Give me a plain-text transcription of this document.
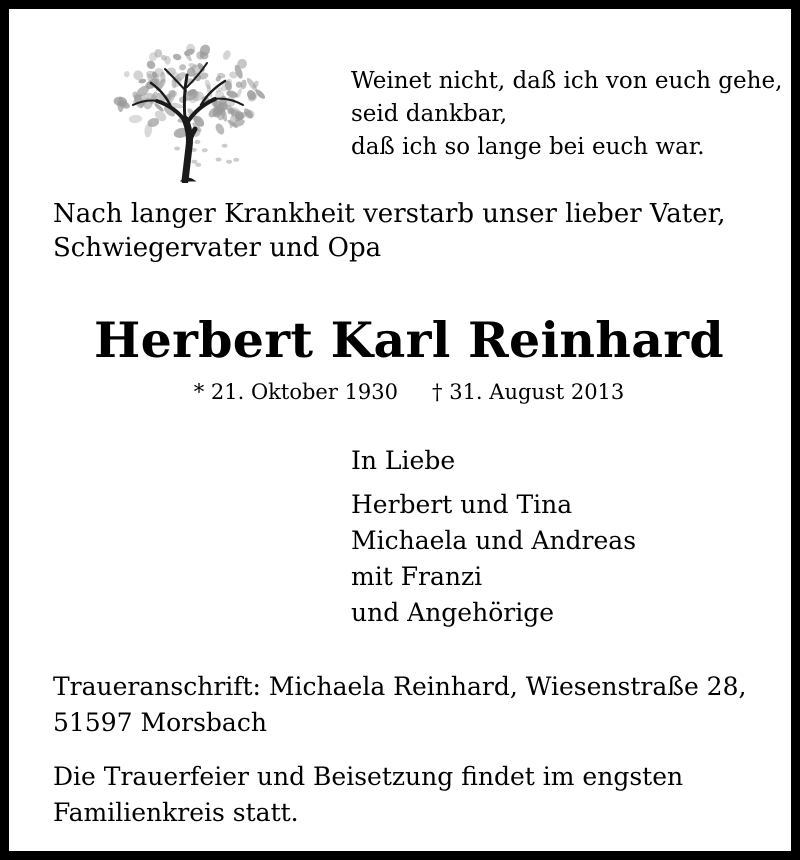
Weinet nicht, daß ich von euch gehe,
seid dankbar,
daß ich so lange bei euch war.
Nach langer Krankheit verstarb unser lieber Vater,
Schwiegervater und Opa
Herbert Karl Reinhard
* 21. Oktober 1930 † 31. August 2013
In Liebe
Herbert und Tina
Michaela und Andreas
mit Franzi
und Angehörige
Traueranschrift: Michaela Reinhard, Wiesenstraße 28,
51597 Morsbach
Die Trauerfeier und Beisetzung findet im engsten
Familienkreis statt.
